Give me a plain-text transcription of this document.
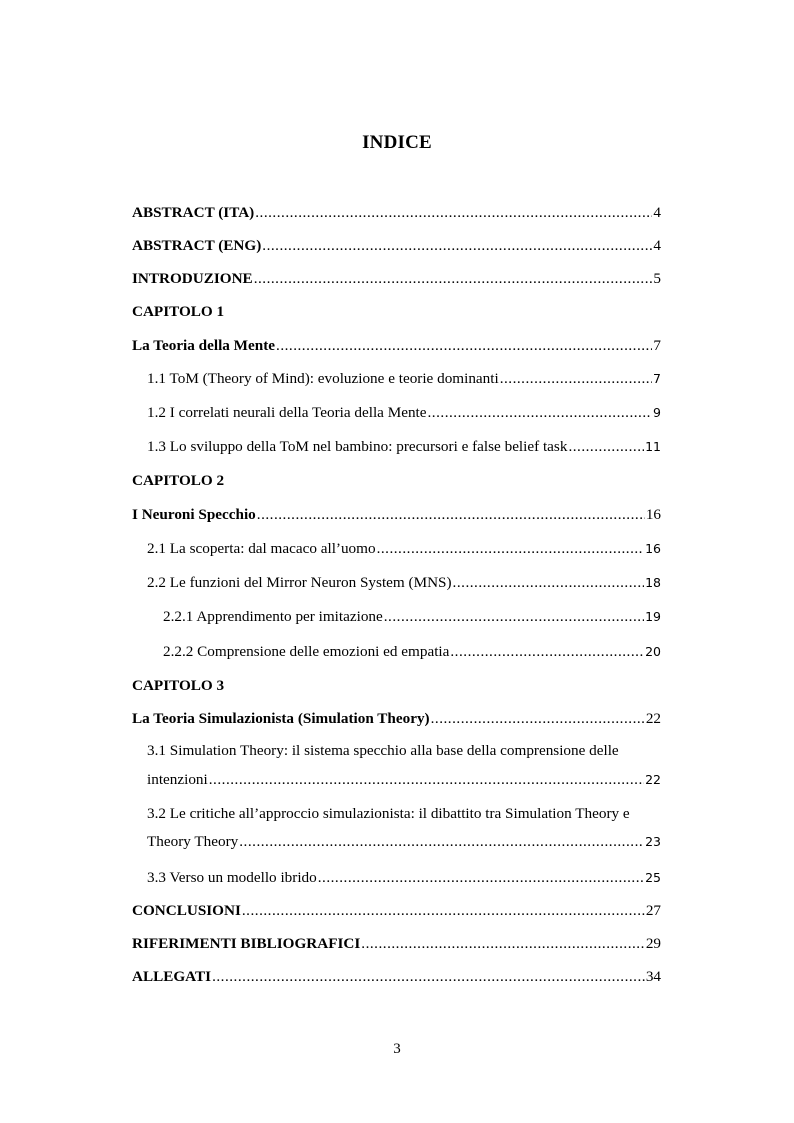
INDICE
ABSTRACT (ITA) .....	4
ABSTRACT (ENG) .....	4
INTRODUZIONE .....	5
CAPITOLO 1
La Teoria della Mente .....	7
1.1 ToM (Theory of Mind): evoluzione e teorie dominanti .....	7
1.2 I correlati neurali della Teoria della Mente .....	9
1.3 Lo sviluppo della ToM nel bambino: precursori e false belief task .....	11
CAPITOLO 2
I Neuroni Specchio .....	16
2.1 La scoperta: dal macaco all’uomo .....	16
2.2 Le funzioni del Mirror Neuron System (MNS) .....	18
2.2.1 Apprendimento per imitazione .....	19
2.2.2 Comprensione delle emozioni ed empatia .....	20
CAPITOLO 3
La Teoria Simulazionista (Simulation Theory) .....	22
3.1 Simulation Theory: il sistema specchio alla base della comprensione delle
intenzioni .....	22
3.2 Le critiche all’approccio simulazionista: il dibattito tra Simulation Theory e
Theory Theory .....	23
3.3 Verso un modello ibrido .....	25
CONCLUSIONI .....	27
RIFERIMENTI BIBLIOGRAFICI .....	29
ALLEGATI .....	34
3
